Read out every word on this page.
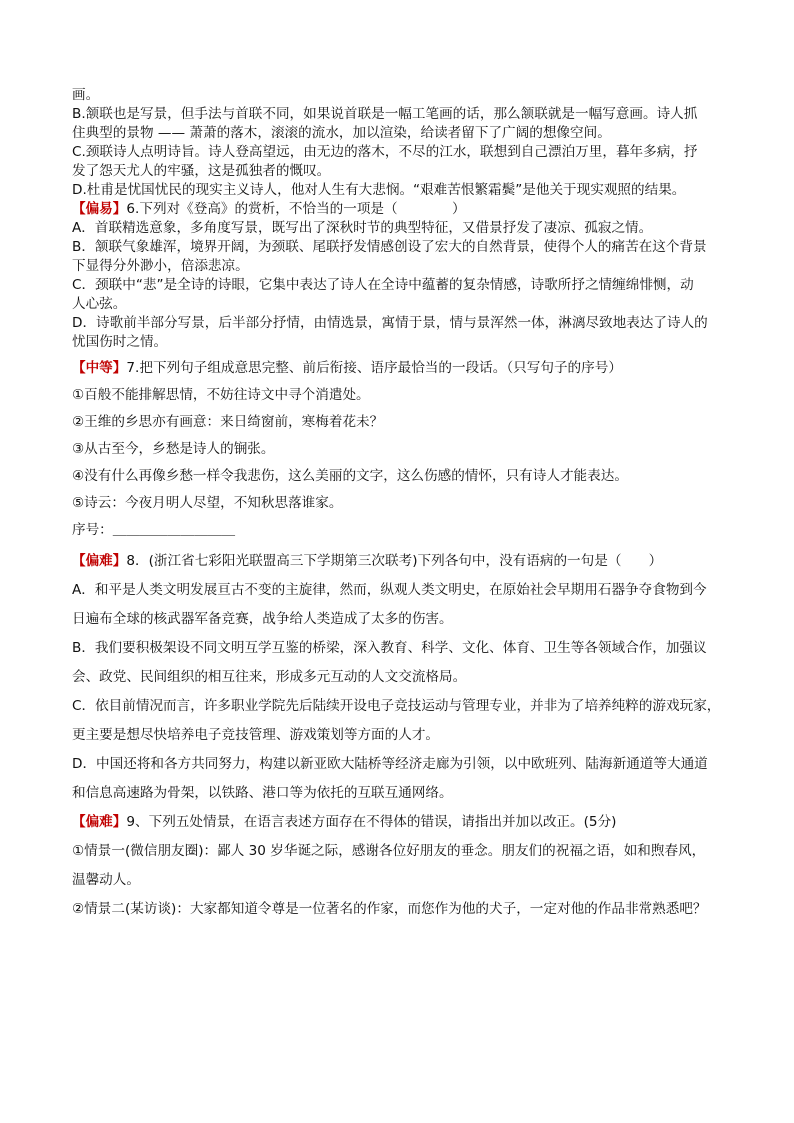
画。

B.颔联也是写景，但手法与首联不同，如果说首联是一幅工笔画的话，那么颔联就是一幅写意画。诗人抓

住典型的景物 —— 萧萧的落木，滚滚的流水，加以渲染，给读者留下了广阔的想像空间。

C.颈联诗人点明诗旨。诗人登高望远，由无边的落木，不尽的江水，联想到自己漂泊万里，暮年多病，抒

发了怨天尤人的牢骚，这是孤独者的慨叹。

D.杜甫是忧国忧民的现实主义诗人，他对人生有大悲悯。“艰难苦恨繁霜鬓”是他关于现实观照的结果。

【偏易】6.下列对《登高》的赏析，不恰当的一项是（　　　　）

A．首联精选意象，多角度写景，既写出了深秋时节的典型特征，又借景抒发了凄凉、孤寂之情。

B．颔联气象雄浑，境界开阔，为颈联、尾联抒发情感创设了宏大的自然背景，使得个人的痛苦在这个背景

下显得分外渺小，倍添悲凉。

C．颈联中“悲”是全诗的诗眼，它集中表达了诗人在全诗中蕴蓄的复杂情感，诗歌所抒之情缠绵悱恻，动

人心弦。

D．诗歌前半部分写景，后半部分抒情，由情选景，寓情于景，情与景浑然一体，淋漓尽致地表达了诗人的

忧国伤时之情。

【中等】7.把下列句子组成意思完整、前后衔接、语序最恰当的一段话。（只写句子的序号）

①百般不能排解思情，不妨往诗文中寻个消遣处。

②王维的乡思亦有画意：来日绮窗前，寒梅着花未？

③从古至今，乡愁是诗人的锎张。

④没有什么再像乡愁一样令我悲伤，这么美丽的文字，这么伤感的情怀，只有诗人才能表达。

⑤诗云：今夜月明人尽望，不知秋思落谁家。

序号：＿＿＿＿＿＿＿＿＿

【偏难】8．(浙江省七彩阳光联盟高三下学期第三次联考)下列各句中，没有语病的一句是（　　）

A．和平是人类文明发展亘古不变的主旋律，然而，纵观人类文明史，在原始社会早期用石器争夺食物到今

日遍布全球的核武器军备竞赛，战争给人类造成了太多的伤害。

B．我们要积极架设不同文明互学互鉴的桥梁，深入教育、科学、文化、体育、卫生等各领域合作，加强议

会、政党、民间组织的相互往来，形成多元互动的人文交流格局。

C．依目前情况而言，许多职业学院先后陆续开设电子竞技运动与管理专业，并非为了培养纯粹的游戏玩家，

更主要是想尽快培养电子竞技管理、游戏策划等方面的人才。

D．中国还将和各方共同努力，构建以新亚欧大陆桥等经济走廊为引领，以中欧班列、陆海新通道等大通道

和信息高速路为骨架，以铁路、港口等为依托的互联互通网络。

【偏难】9、下列五处情景，在语言表述方面存在不得体的错误，请指出并加以改正。(5分)

①情景一(微信朋友圈)：鄙人 30 岁华诞之际，感谢各位好朋友的垂念。朋友们的祝福之语，如和煦春风，

温馨动人。

②情景二(某访谈)：大家都知道令尊是一位著名的作家，而您作为他的犬子，一定对他的作品非常熟悉吧？
